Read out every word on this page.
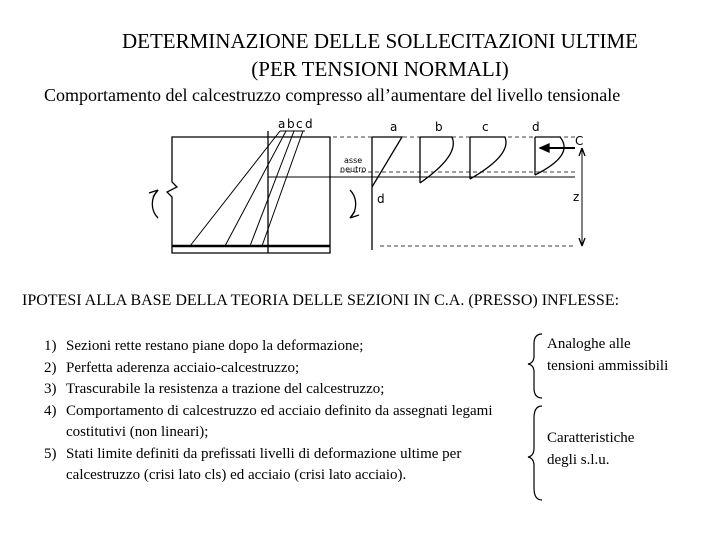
DETERMINAZIONE DELLE SOLLECITAZIONI ULTIME
(PER TENSIONI NORMALI)
Comportamento del calcestruzzo compresso all’aumentare del livello tensionale
a b c d	a	b	c	d
C
d	z
asse
neutro
IPOTESI ALLA BASE DELLA TEORIA DELLE SEZIONI IN C.A. (PRESSO) INFLESSE:
1) Sezioni rette restano piane dopo la deformazione;
2) Perfetta aderenza acciaio-calcestruzzo;
3) Trascurabile la resistenza a trazione del calcestruzzo;
4) Comportamento di calcestruzzo ed acciaio definito da assegnati legami costitutivi (non lineari);
5) Stati limite definiti da prefissati livelli di deformazione ultime per calcestruzzo (crisi lato cls) ed acciaio (crisi lato acciaio).
Analoghe alle tensioni ammissibili
Caratteristiche degli s.l.u.
